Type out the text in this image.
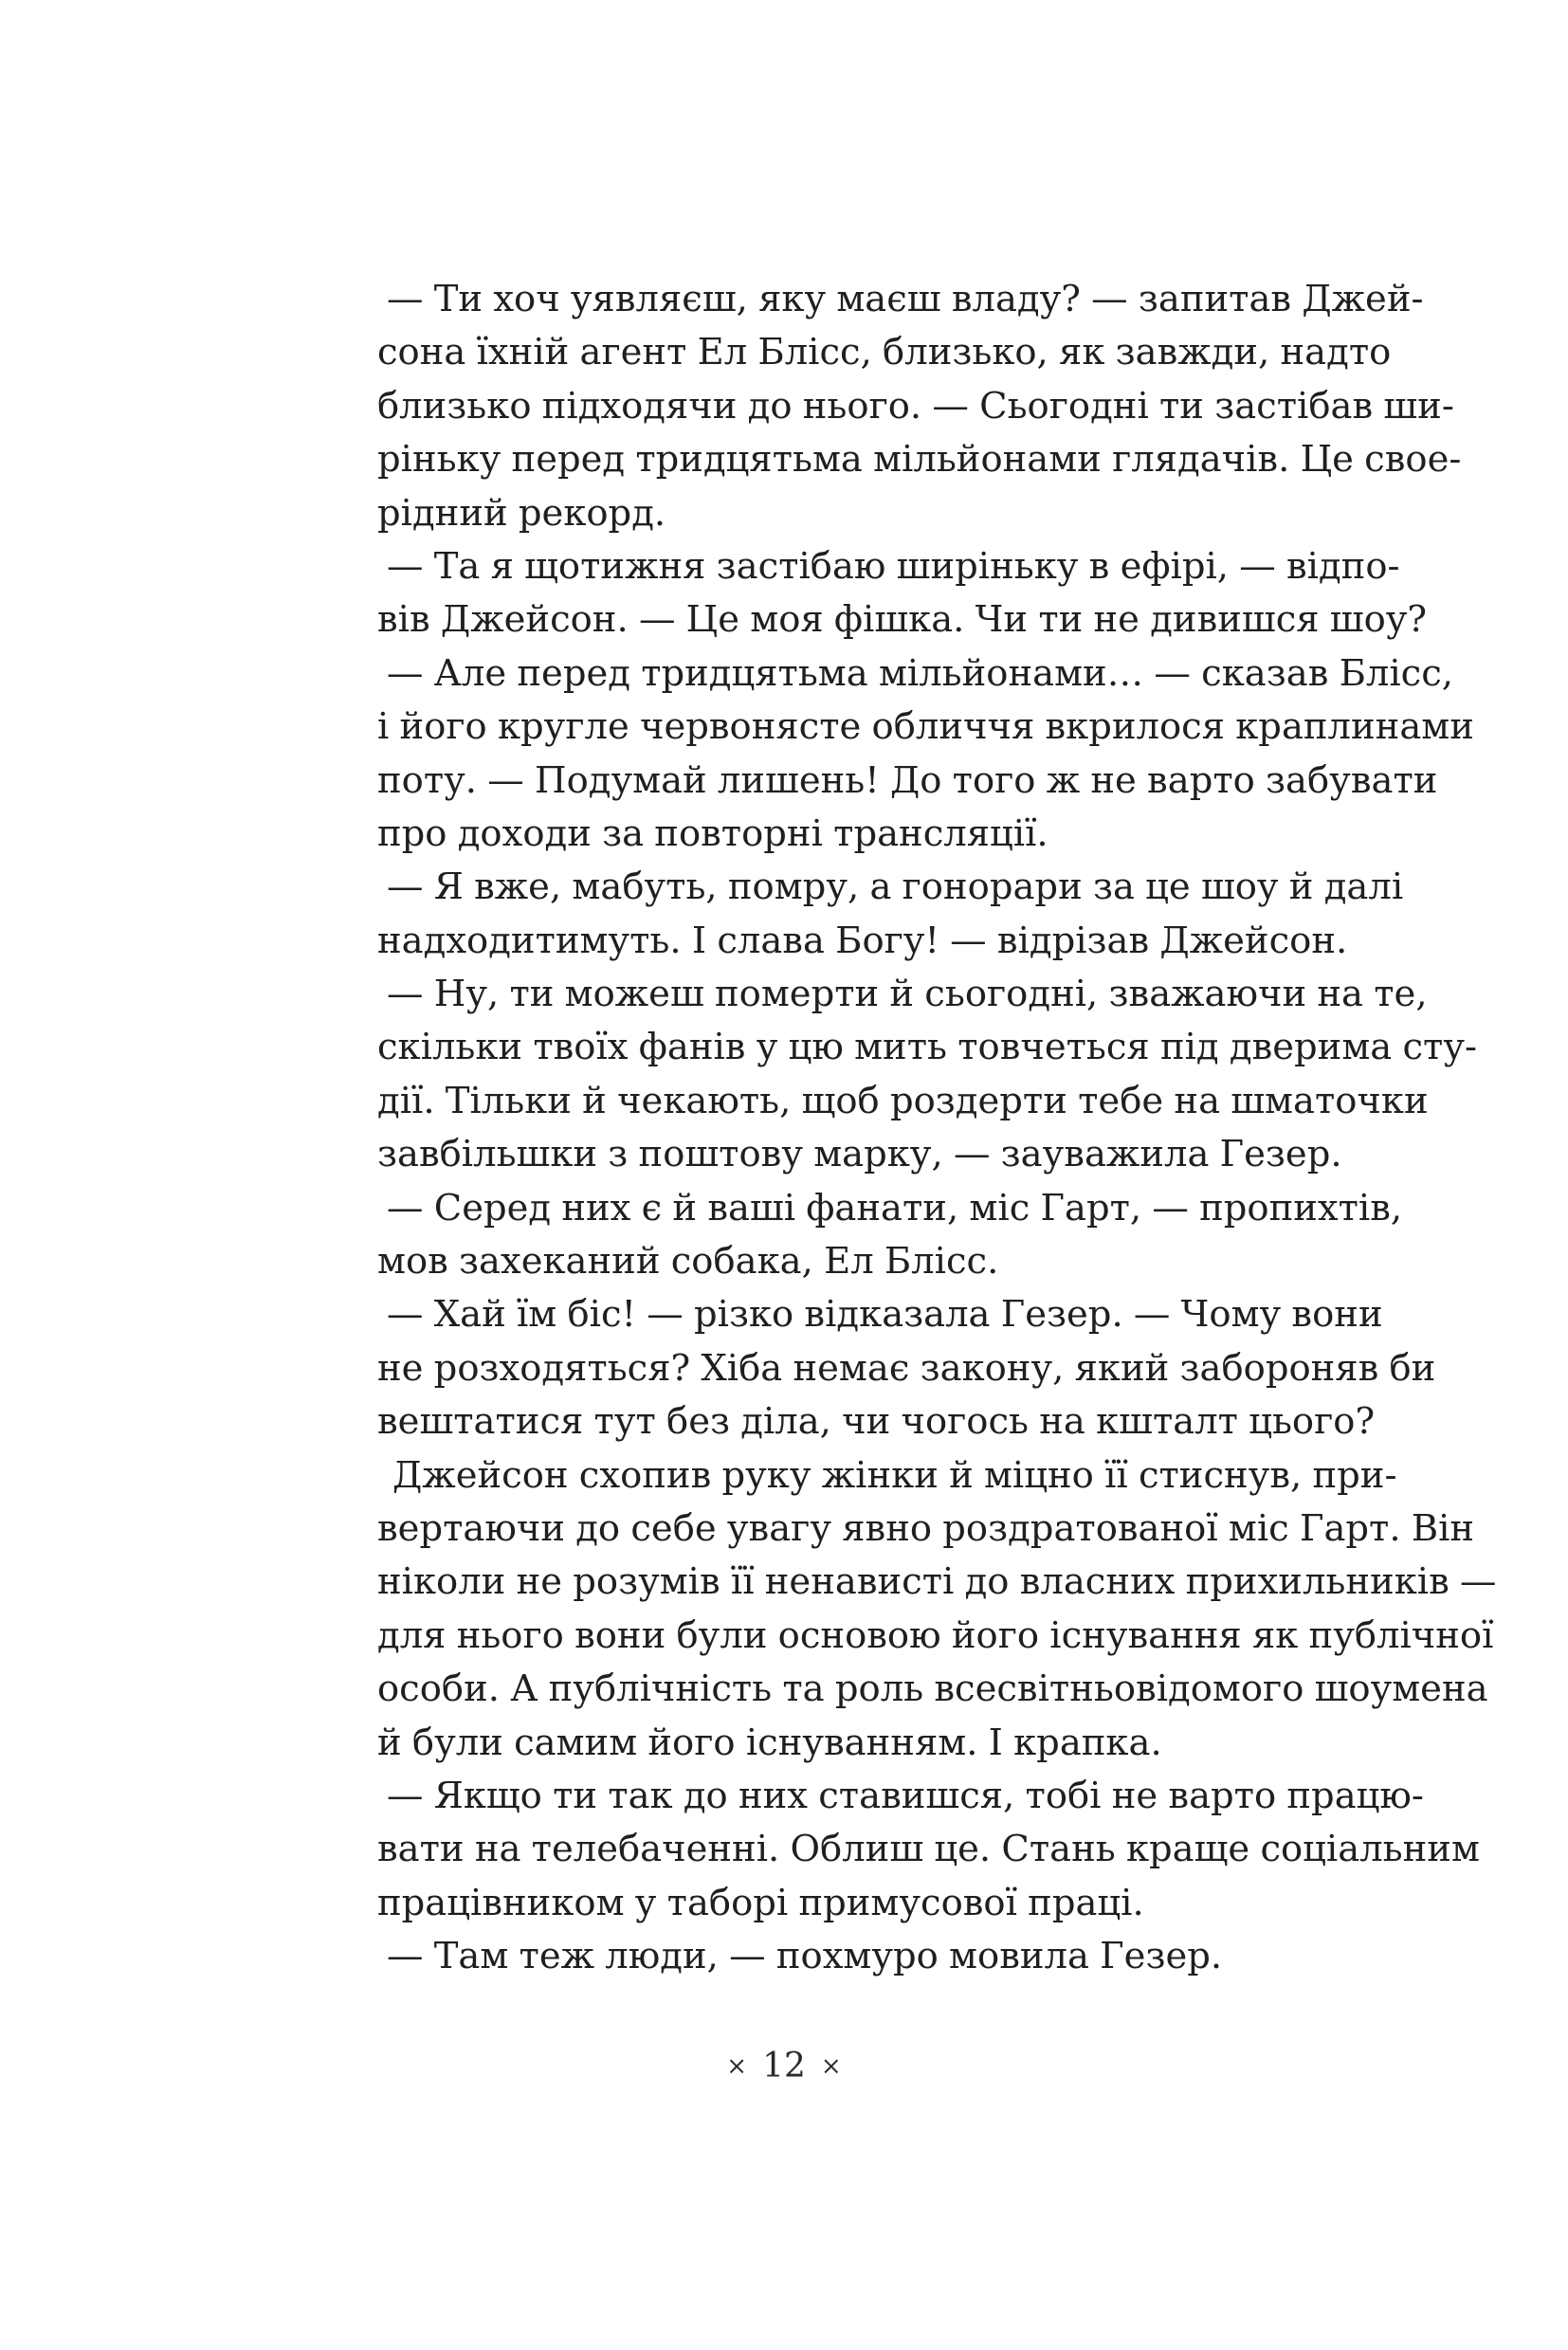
— Ти хоч уявляєш, яку маєш владу? — запитав Джей-
сона їхній агент Ел Блісс, близько, як завжди, надто
близько підходячи до нього. — Сьогодні ти застібав ши-
ріньку перед тридцятьма мільйонами глядачів. Це свое-
рідний рекорд.
— Та я щотижня застібаю ширіньку в ефірі, — відпо-
вів Джейсон. — Це моя фішка. Чи ти не дивишся шоу?
— Але перед тридцятьма мільйонами… — сказав Блісс,
і його кругле червонясте обличчя вкрилося краплинами
поту. — Подумай лишень! До того ж не варто забувати
про доходи за повторні трансляції.
— Я вже, мабуть, помру, а гонорари за це шоу й далі
надходитимуть. І слава Богу! — відрізав Джейсон.
— Ну, ти можеш померти й сьогодні, зважаючи на те,
скільки твоїх фанів у цю мить товчеться під дверима сту-
дії. Тільки й чекають, щоб роздерти тебе на шматочки
завбільшки з поштову марку, — зауважила Гезер.
— Серед них є й ваші фанати, міс Гарт, — пропихтів,
мов захеканий собака, Ел Блісс.
— Хай їм біс! — різко відказала Гезер. — Чому вони
не розходяться? Хіба немає закону, який забороняв би
вештатися тут без діла, чи чогось на кшталт цього?
Джейсон схопив руку жінки й міцно її стиснув, при-
вертаючи до себе увагу явно роздратованої міс Гарт. Він
ніколи не розумів її ненависті до власних прихильників —
для нього вони були основою його існування як публічної
особи. А публічність та роль всесвітньовідомого шоумена
й були самим його існуванням. І крапка.
— Якщо ти так до них ставишся, тобі не варто працю-
вати на телебаченні. Облиш це. Стань краще соціальним
працівником у таборі примусової праці.
— Там теж люди, — похмуро мовила Гезер.
× 12 ×
